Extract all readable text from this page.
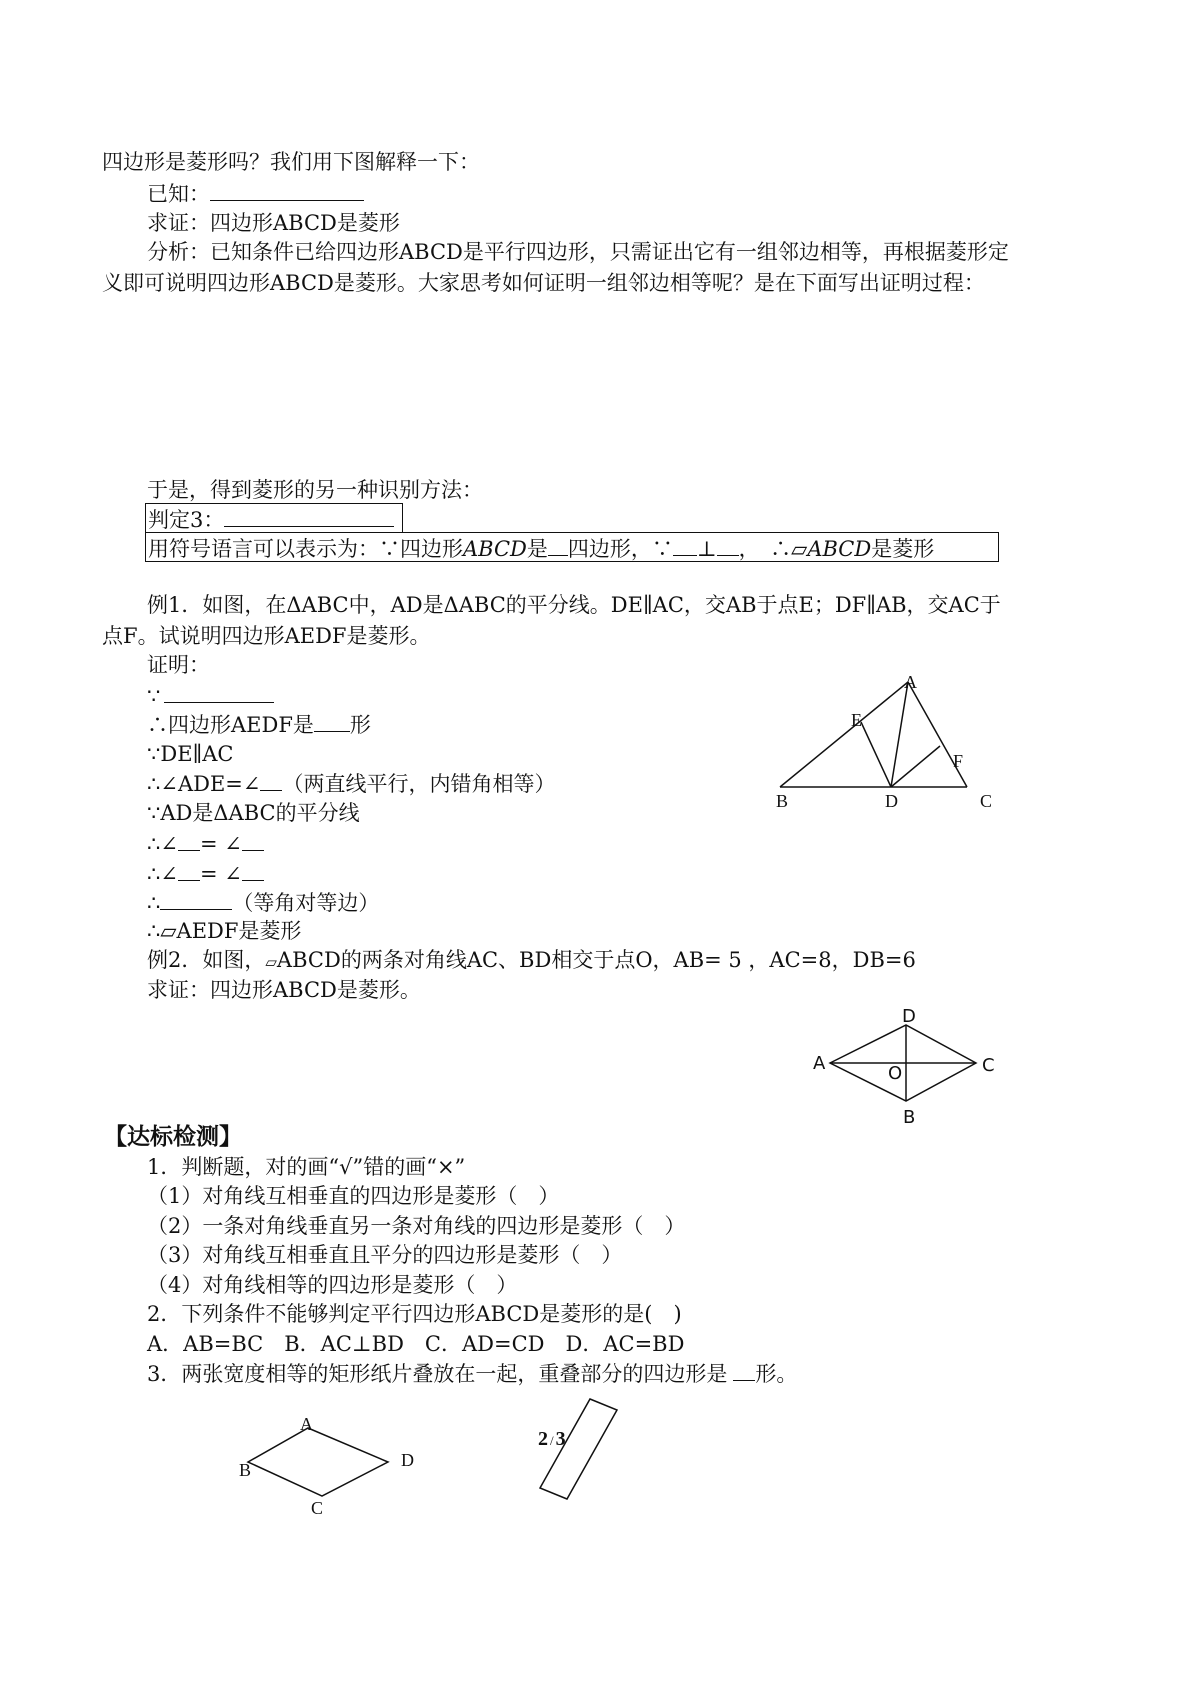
四边形是菱形吗？我们用下图解释一下：
已知：
求证：四边形ABCD是菱形
分析：已知条件已给四边形ABCD是平行四边形，只需证出它有一组邻边相等，再根据菱形定义即可说明四边形ABCD是菱形。大家思考如何证明一组邻边相等呢？是在下面写出证明过程：
于是，得到菱形的另一种识别方法：
判定3：
用符号语言可以表示为：∵四边形ABCD是 四边形，∵ ⊥ ，　∴▱ABCD是菱形
例1．如图，在ΔABC中，AD是ΔABC的平分线。DE∥AC，交AB于点E；DF∥AB，交AC于点F。试说明四边形AEDF是菱形。
证明：
∵
∴四边形AEDF是 形
∵DE∥AC
∴∠ADE=∠ （两直线平行，内错角相等）
∵AD是ΔABC的平分线
∴∠ = ∠
∴∠ = ∠
∴	（等角对等边）
∴▱AEDF是菱形
A
E
F
B	D	C
例2．如图，▱ABCD的两条对角线AC、BD相交于点O，AB= 5 ，AC=8，DB=6
求证：四边形ABCD是菱形。
D
A	C
O
B
【达标检测】
1．判断题，对的画“√”错的画“×”
（1）对角线互相垂直的四边形是菱形（　）
（2）一条对角线垂直另一条对角线的四边形是菱形（　）
（3）对角线互相垂直且平分的四边形是菱形（　）
（4）对角线相等的四边形是菱形（　）
2．下列条件不能够判定平行四边形ABCD是菱形的是(　)
A．AB=BC　B．AC⊥BD　C．AD=CD　D．AC=BD
3．两张宽度相等的矩形纸片叠放在一起，重叠部分的四边形是 形。
A
B	D
C
2 / 3
